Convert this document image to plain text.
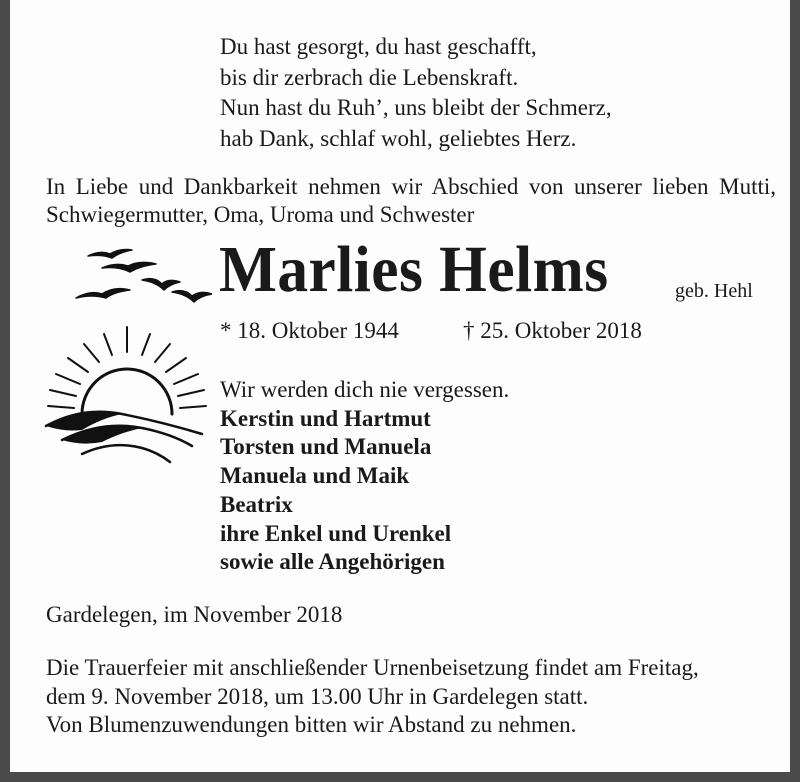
Du hast gesorgt, du hast geschafft,
bis dir zerbrach die Lebenskraft.
Nun hast du Ruh’, uns bleibt der Schmerz,
hab Dank, schlaf wohl, geliebtes Herz.
In Liebe und Dankbarkeit nehmen wir Abschied von unserer lieben Mutti, Schwiegermutter, Oma, Uroma und Schwester
Marlies Helms	geb. Hehl
* 18. Oktober 1944	† 25. Oktober 2018
Wir werden dich nie vergessen.
Kerstin und Hartmut
Torsten und Manuela
Manuela und Maik
Beatrix
ihre Enkel und Urenkel
sowie alle Angehörigen
Gardelegen, im November 2018
Die Trauerfeier mit anschließender Urnenbeisetzung findet am Freitag,
dem 9. November 2018, um 13.00 Uhr in Gardelegen statt.
Von Blumenzuwendungen bitten wir Abstand zu nehmen.
